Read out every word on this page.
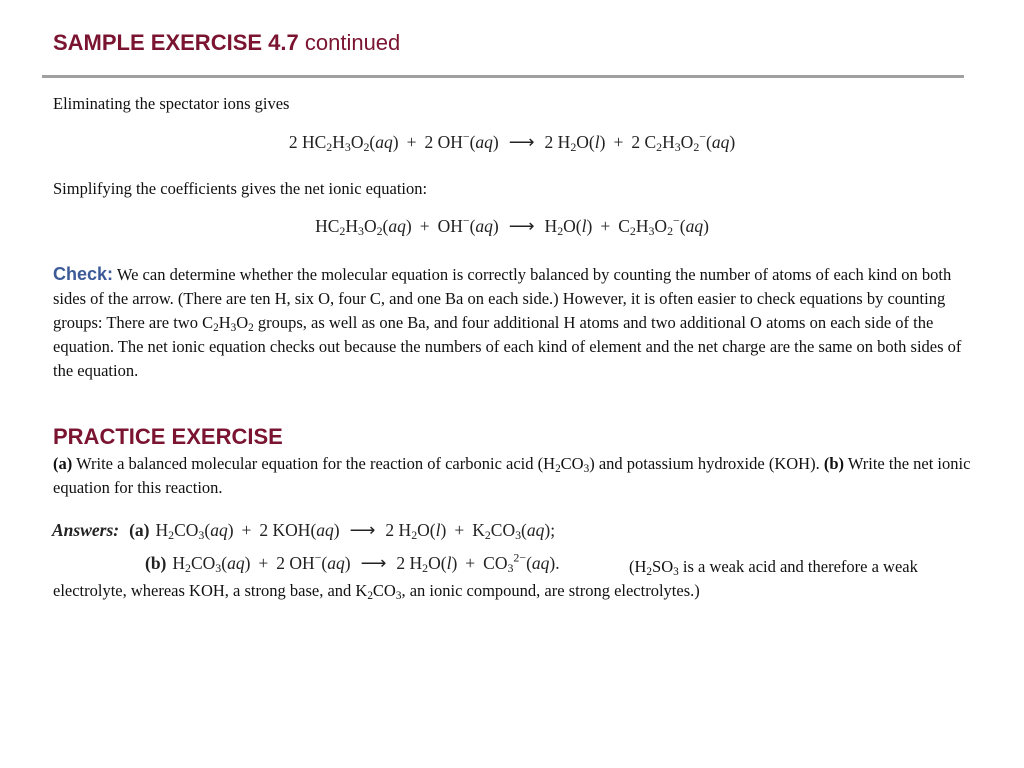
SAMPLE EXERCISE 4.7 continued

Eliminating the spectator ions gives

2 $HC_2H_3O_2(aq) + 2$ OH−(aq) ⟶ 2 $H_2O(l) + 2$ $C_2H_3O_2^-(aq)$

Simplifying the coefficients gives the net ionic equation:

$HC_2H_3O_2(aq) + OH^-(aq)$ ⟶ $H_2O(l) + C_2H_3O_2^-(aq)$

Check: We can determine whether the molecular equation is correctly balanced by counting the number of atoms of each kind on both sides of the arrow. (There are ten H, six O, four C, and one Ba on each side.) However, it is often easier to check equations by counting groups: There are two $C_2H_3O_2$ groups, as well as one Ba, and four additional H atoms and two additional O atoms on each side of the equation. The net ionic equation checks out because the numbers of each kind of element and the net charge are the same on both sides of the equation.

PRACTICE EXERCISE

(a) Write a balanced molecular equation for the reaction of carbonic acid $(H_2CO_3)$ and potassium hydroxide (KOH). (b) Write the net ionic equation for this reaction.

Answers: (a) $H_2CO_3(aq) + 2$ KOH(aq) ⟶ 2 $H_2O(l) + K_2CO_3(aq)$;
(b) $H_2CO_3(aq) + 2$ OH−(aq) ⟶ 2 $H_2O(l) + CO_3^{2-}(aq)$.	($H_2SO_3$ is a weak acid and therefore a weak electrolyte, whereas KOH, a strong base, and $K_2CO_3$, an ionic compound, are strong electrolytes.)
